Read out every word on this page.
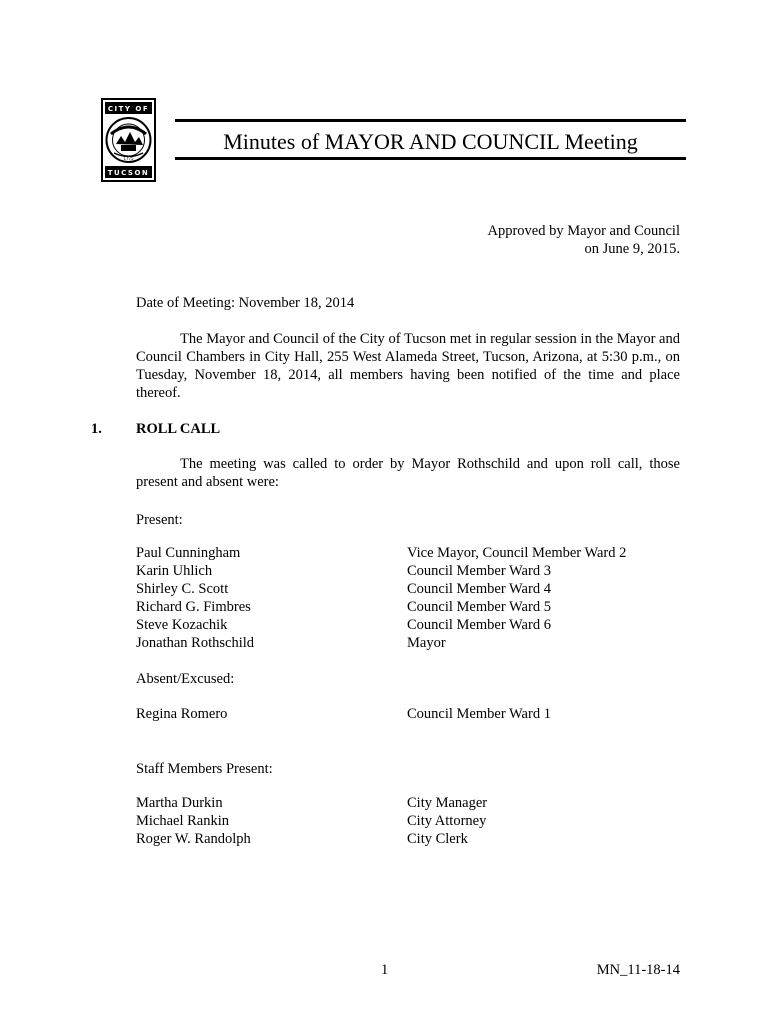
CITY OF
1775
TUCSON
Minutes of MAYOR AND COUNCIL Meeting
Approved by Mayor and Council
on June 9, 2015.
Date of Meeting: November 18, 2014
The Mayor and Council of the City of Tucson met in regular session in the Mayor and Council Chambers in City Hall, 255 West Alameda Street, Tucson, Arizona, at 5:30 p.m., on Tuesday, November 18, 2014, all members having been notified of the time and place thereof.
1. ROLL CALL
The meeting was called to order by Mayor Rothschild and upon roll call, those present and absent were:
Present:
Paul Cunningham
Karin Uhlich
Shirley C. Scott
Richard G. Fimbres
Steve Kozachik
Jonathan Rothschild
Vice Mayor, Council Member Ward 2
Council Member Ward 3
Council Member Ward 4
Council Member Ward 5
Council Member Ward 6
Mayor
Absent/Excused:
Regina Romero	Council Member Ward 1
Staff Members Present:
Martha Durkin
Michael Rankin
Roger W. Randolph
City Manager
City Attorney
City Clerk
1	MN_11-18-14
